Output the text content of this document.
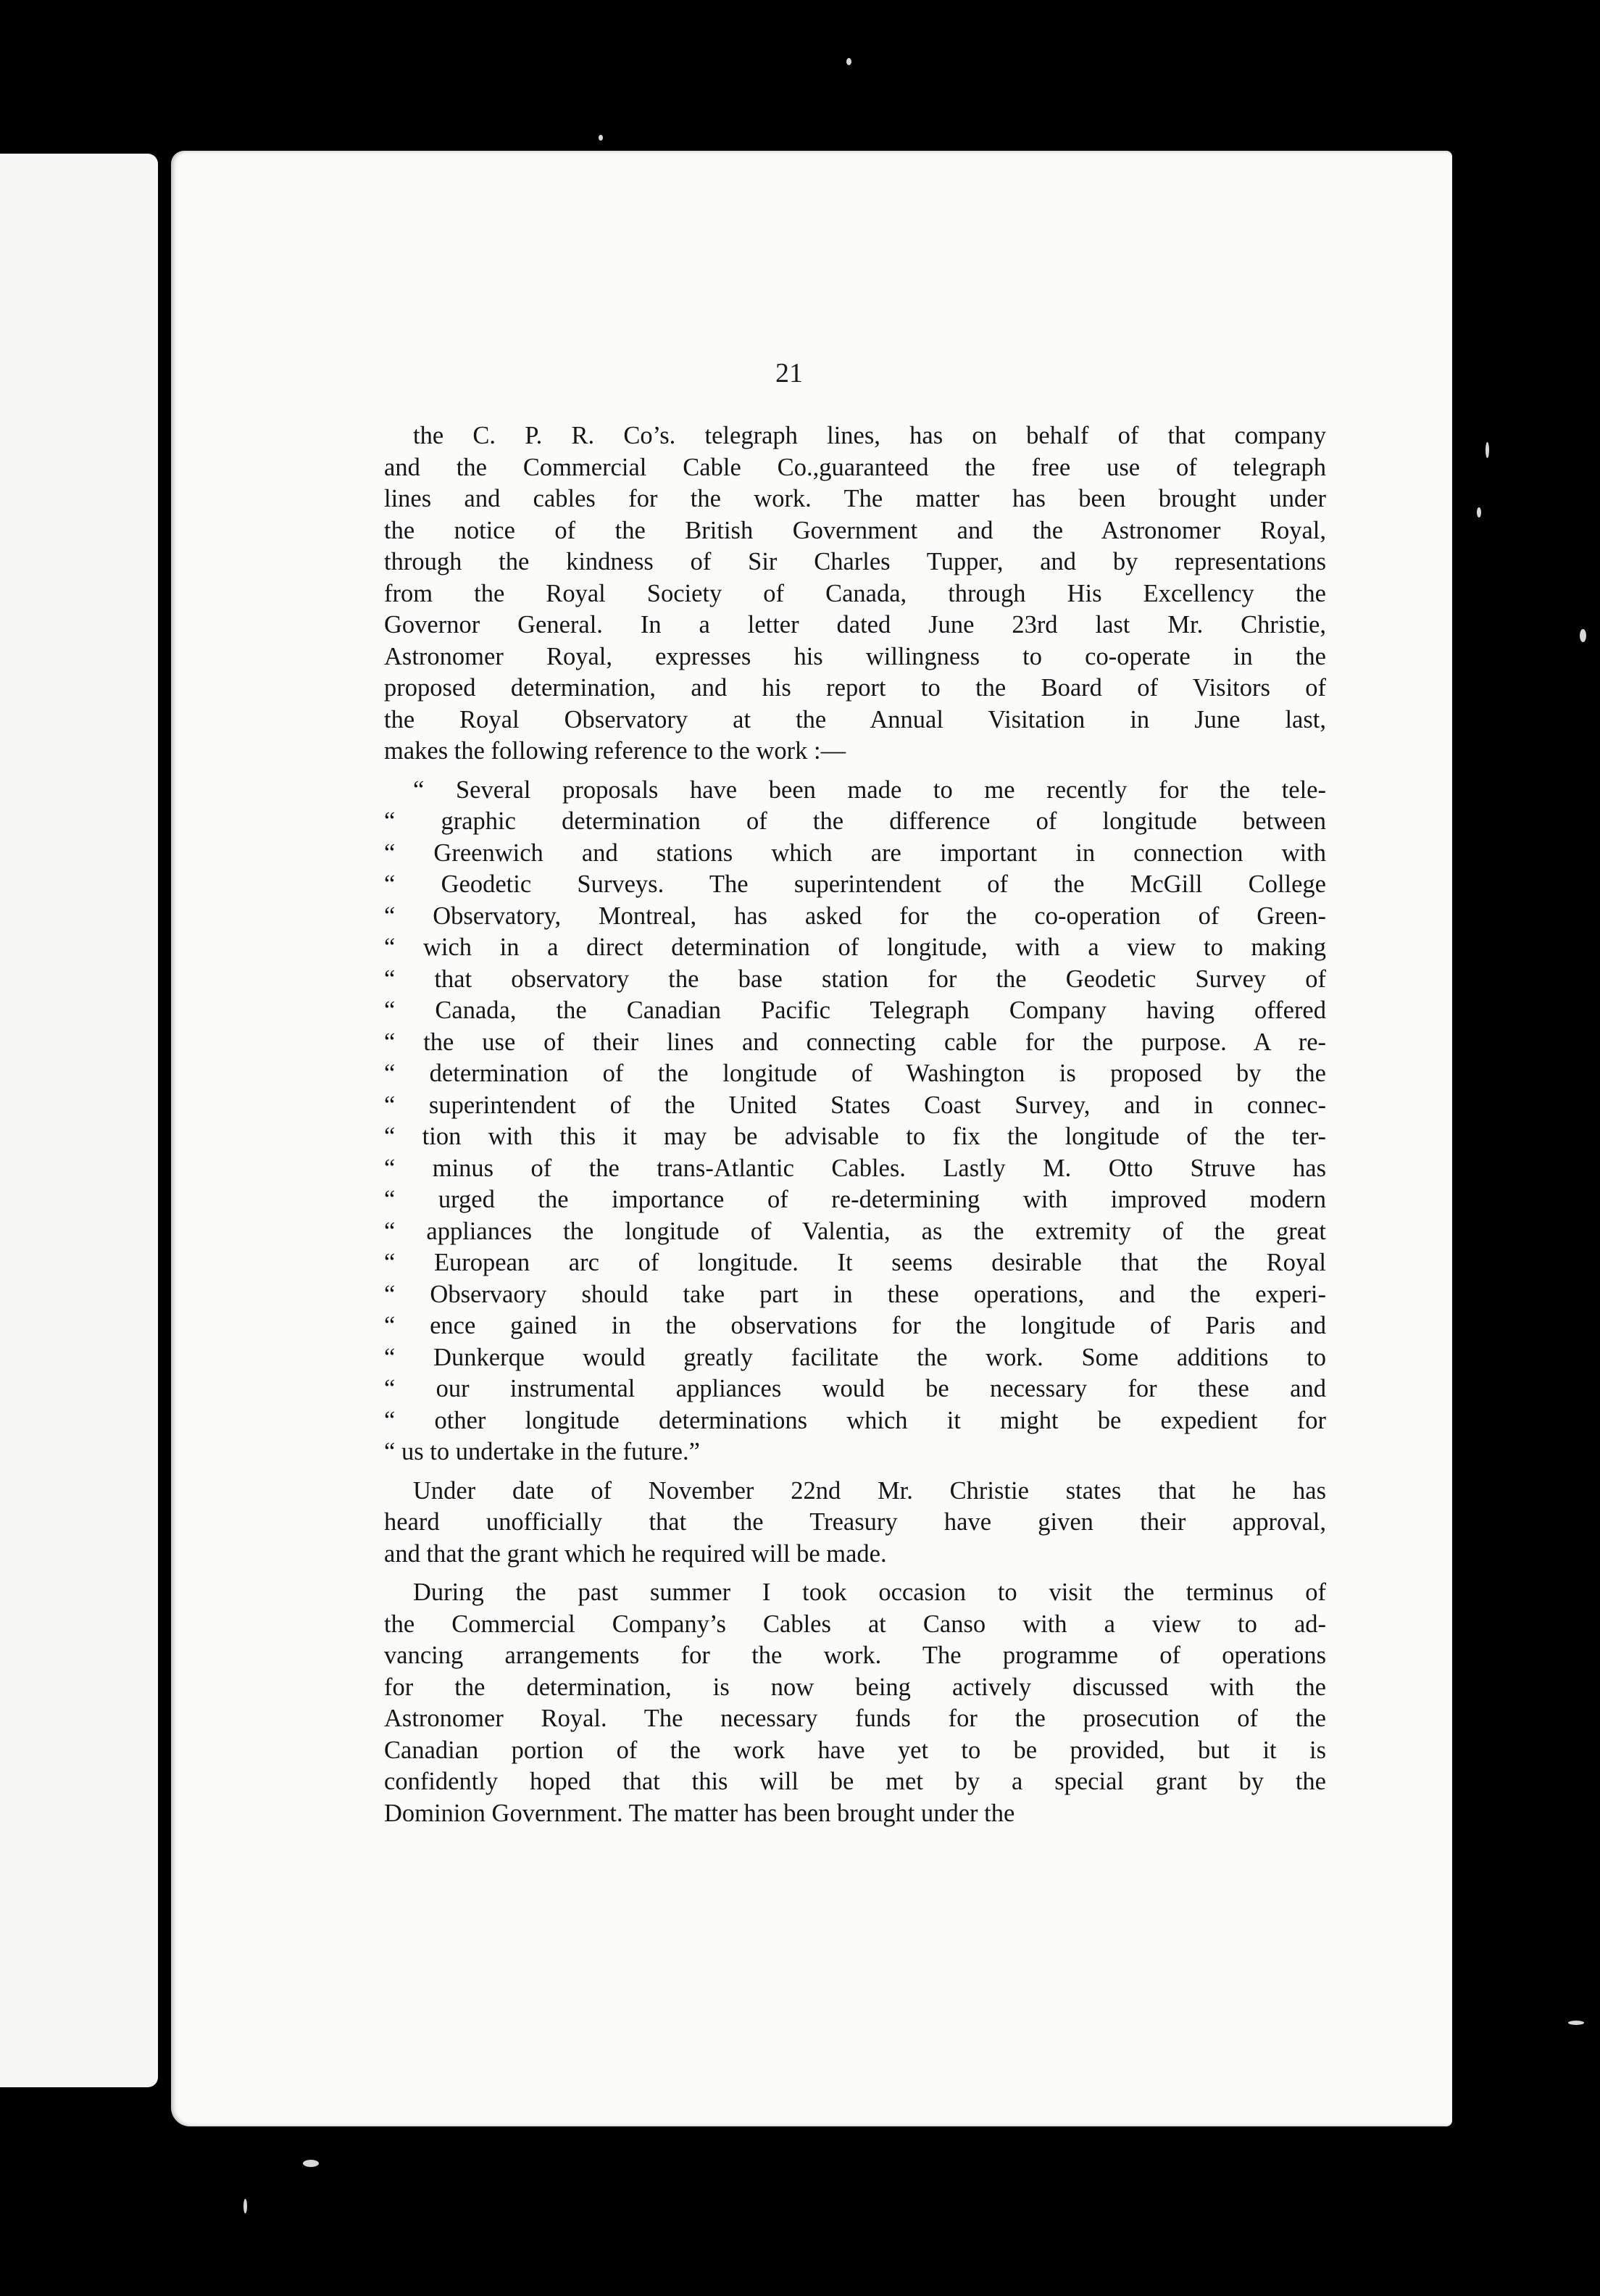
21
the C. P. R. Co’s. telegraph lines, has on behalf of that company
and the Commercial Cable Co.,guaranteed the free use of telegraph
lines and cables for the work. The matter has been brought under
the notice of the British Government and the Astronomer Royal,
through the kindness of Sir Charles Tupper, and by representations
from the Royal Society of Canada, through His Excellency the
Governor General. In a letter dated June 23rd last Mr. Christie,
Astronomer Royal, expresses his willingness to co-operate in the
proposed determination, and his report to the Board of Visitors of
the Royal Observatory at the Annual Visitation in June last,
makes the following reference to the work :—
“ Several proposals have been made to me recently for the tele-
“ graphic determination of the difference of longitude between
“ Greenwich and stations which are important in connection with
“ Geodetic Surveys. The superintendent of the McGill College
“ Observatory, Montreal, has asked for the co-operation of Green-
“ wich in a direct determination of longitude, with a view to making
“ that observatory the base station for the Geodetic Survey of
“ Canada, the Canadian Pacific Telegraph Company having offered
“ the use of their lines and connecting cable for the purpose. A re-
“ determination of the longitude of Washington is proposed by the
“ superintendent of the United States Coast Survey, and in connec-
“ tion with this it may be advisable to fix the longitude of the ter-
“ minus of the trans-Atlantic Cables. Lastly M. Otto Struve has
“ urged the importance of re-determining with improved modern
“ appliances the longitude of Valentia, as the extremity of the great
“ European arc of longitude. It seems desirable that the Royal
“ Observaory should take part in these operations, and the experi-
“ ence gained in the observations for the longitude of Paris and
“ Dunkerque would greatly facilitate the work. Some additions to
“ our instrumental appliances would be necessary for these and
“ other longitude determinations which it might be expedient for
“ us to undertake in the future.”
Under date of November 22nd Mr. Christie states that he has
heard unofficially that the Treasury have given their approval,
and that the grant which he required will be made.
During the past summer I took occasion to visit the terminus of
the Commercial Company’s Cables at Canso with a view to ad-
vancing arrangements for the work. The programme of operations
for the determination, is now being actively discussed with the
Astronomer Royal. The necessary funds for the prosecution of the
Canadian portion of the work have yet to be provided, but it is
confidently hoped that this will be met by a special grant by the
Dominion Government. The matter has been brought under the
